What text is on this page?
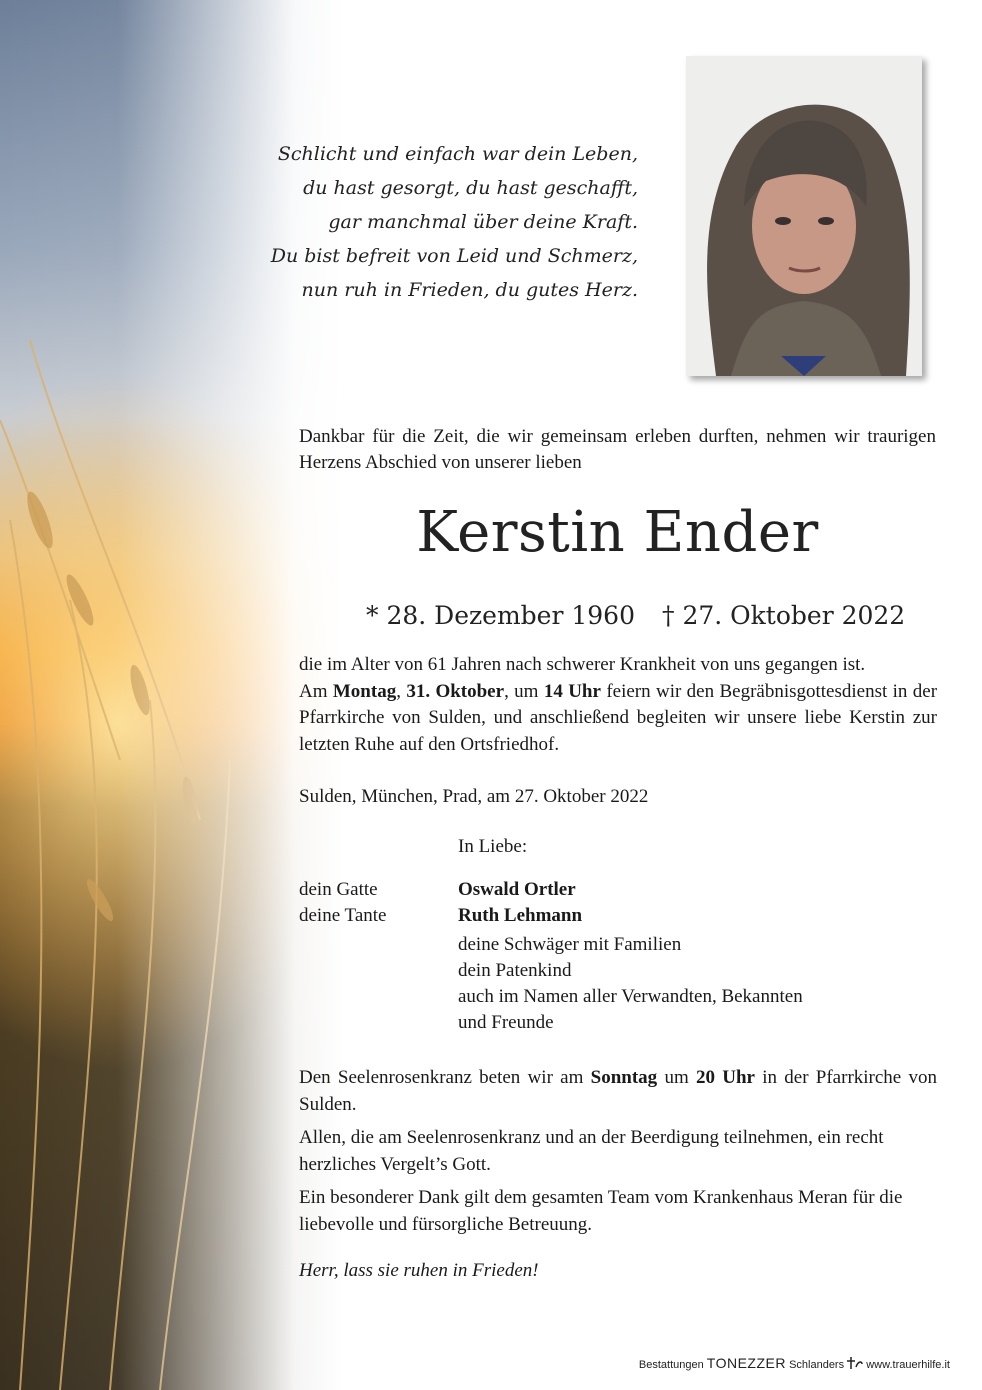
Schlicht und einfach war dein Leben,
du hast gesorgt, du hast geschafft,
gar manchmal über deine Kraft.
Du bist befreit von Leid und Schmerz,
nun ruh in Frieden, du gutes Herz.
Dankbar für die Zeit, die wir gemeinsam erleben durften, nehmen wir traurigen Herzens Abschied von unserer lieben
Kerstin Ender
* 28. Dezember 1960 † 27. Oktober 2022
die im Alter von 61 Jahren nach schwerer Krankheit von uns gegangen ist.
Am Montag, 31. Oktober, um 14 Uhr feiern wir den Begräbnisgottesdienst in der Pfarrkirche von Sulden, und anschließend begleiten wir unsere liebe Kerstin zur letzten Ruhe auf den Ortsfriedhof.
Sulden, München, Prad, am 27. Oktober 2022
In Liebe:
dein Gatte	Oswald Ortler
deine Tante	Ruth Lehmann
deine Schwäger mit Familien
dein Patenkind
auch im Namen aller Verwandten, Bekannten
und Freunde
Den Seelenrosenkranz beten wir am Sonntag um 20 Uhr in der Pfarrkirche von Sulden.
Allen, die am Seelenrosenkranz und an der Beerdigung teilnehmen, ein recht herzliches Vergelt’s Gott.
Ein besonderer Dank gilt dem gesamten Team vom Krankenhaus Meran für die liebevolle und fürsorgliche Betreuung.
Herr, lass sie ruhen in Frieden!
Bestattungen TONEZZER Schlanders www.trauerhilfe.it
